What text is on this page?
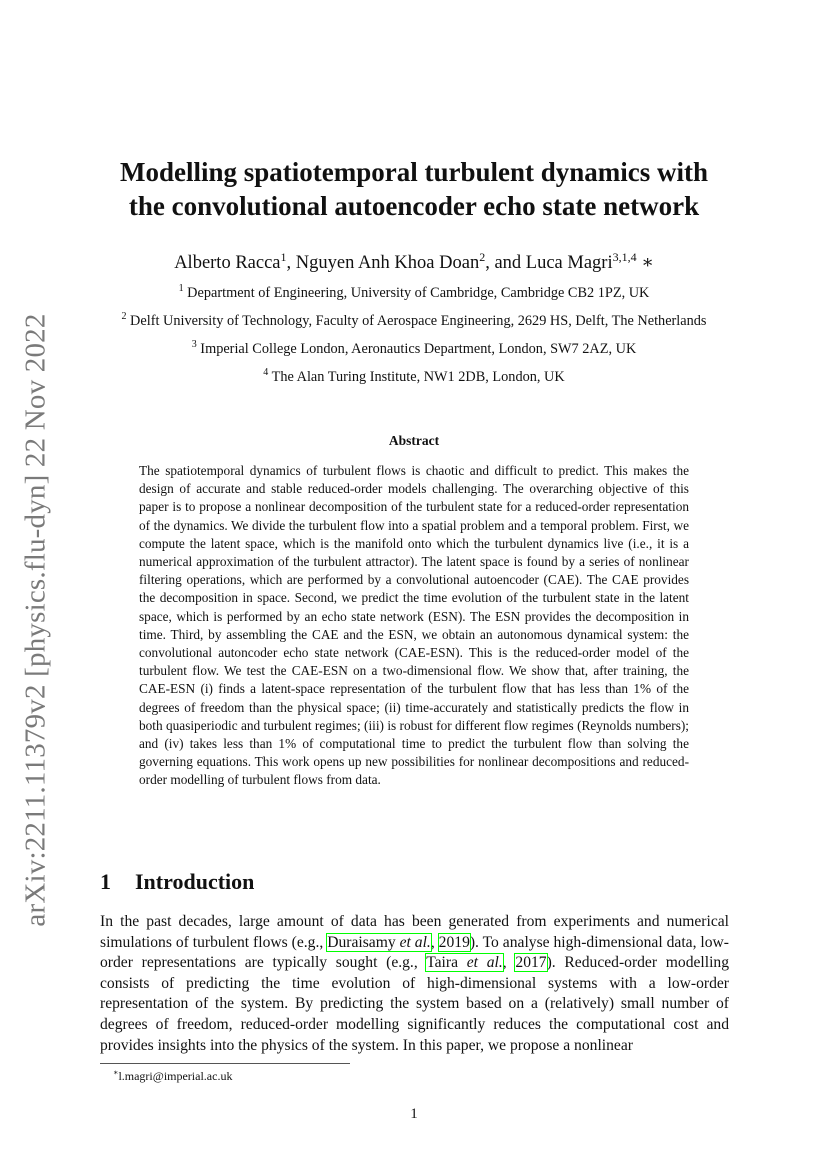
arXiv:2211.11379v2 [physics.flu-dyn] 22 Nov 2022
Modelling spatiotemporal turbulent dynamics with
the convolutional autoencoder echo state network
Alberto Racca$^1$, Nguyen Anh Khoa Doan$^2$, and Luca Magri$^{3,1,4}$ ∗
$^1$ Department of Engineering, University of Cambridge, Cambridge CB2 1PZ, UK
$^2$ Delft University of Technology, Faculty of Aerospace Engineering, 2629 HS, Delft, The Netherlands
$^3$ Imperial College London, Aeronautics Department, London, SW7 2AZ, UK
$^4$ The Alan Turing Institute, NW1 2DB, London, UK
Abstract

The spatiotemporal dynamics of turbulent flows is chaotic and difficult to predict. This makes the design of accurate and stable reduced-order models challenging. The overarching objective of this paper is to propose a nonlinear decomposition of the turbulent state for a reduced-order representation of the dynamics. We divide the turbulent flow into a spatial problem and a temporal problem. First, we compute the latent space, which is the manifold onto which the turbulent dynamics live (i.e., it is a numerical approximation of the turbulent attractor). The latent space is found by a series of nonlinear filtering operations, which are performed by a convolutional autoencoder (CAE). The CAE provides the decomposition in space. Second, we predict the time evolution of the turbulent state in the latent space, which is performed by an echo state network (ESN). The ESN provides the decomposition in time. Third, by assembling the CAE and the ESN, we obtain an autonomous dynamical system: the convolutional autoncoder echo state network (CAE-ESN). This is the reduced-order model of the turbulent flow. We test the CAE-ESN on a two-dimensional flow. We show that, after training, the CAE-ESN (i) finds a latent-space representation of the turbulent flow that has less than 1% of the degrees of freedom than the physical space; (ii) time-accurately and statistically predicts the flow in both quasiperiodic and turbulent regimes; (iii) is robust for different flow regimes (Reynolds numbers); and (iv) takes less than 1% of computational time to predict the turbulent flow than solving the governing equations. This work opens up new possibilities for nonlinear decompositions and reduced-order modelling of turbulent flows from data.

1 Introduction

In the past decades, large amount of data has been generated from experiments and numerical simulations of turbulent flows (e.g., Duraisamy et al., 2019). To analyse high-dimensional data, low-order representations are typically sought (e.g., Taira et al., 2017). Reduced-order modelling consists of predicting the time evolution of high-dimensional systems with a low-order representation of the system. By predicting the system based on a (relatively) small number of degrees of freedom, reduced-order modelling significantly reduces the computational cost and provides insights into the physics of the system. In this paper, we propose a nonlinear

∗l.magri@imperial.ac.uk
1
